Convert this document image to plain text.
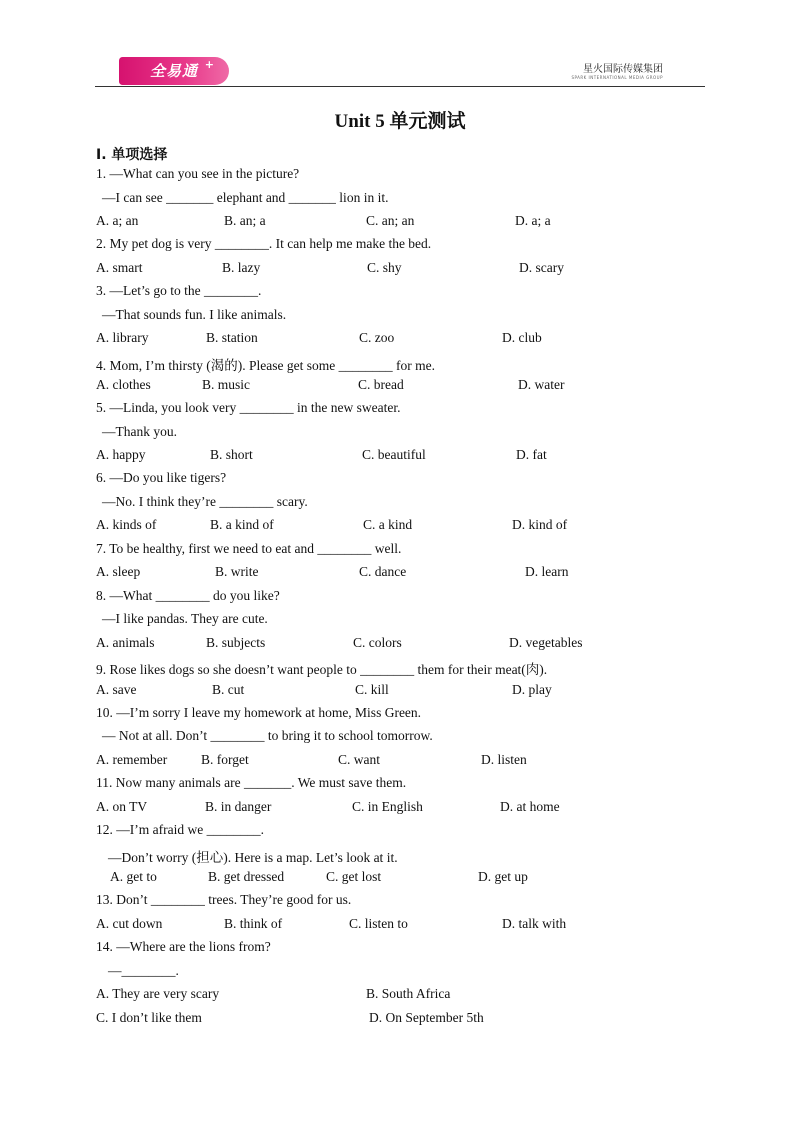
全易通 +	星火国际传媒集团
SPARK INTERNATIONAL MEDIA GROUP
Unit 5 单元测试
Ⅰ. 单项选择
1. —What can you see in the picture?
—I can see _______ elephant and _______ lion in it.
A. a; an	B. an; a	C. an; an	D. a; a
2. My pet dog is very ________. It can help me make the bed.
A. smart	B. lazy	C. shy	D. scary
3. —Let’s go to the ________.
—That sounds fun. I like animals.
A. library	B. station	C. zoo	D. club
4. Mom, I’m thirsty (渴的). Please get some ________ for me.
A. clothes	B. music	C. bread	D. water
5. —Linda, you look very ________ in the new sweater.
—Thank you.
A. happy	B. short	C. beautiful	D. fat
6. —Do you like tigers?
—No. I think they’re ________ scary.
A. kinds of	B. a kind of	C. a kind	D. kind of
7. To be healthy, first we need to eat and ________ well.
A. sleep	B. write	C. dance	D. learn
8. —What ________ do you like?
—I like pandas. They are cute.
A. animals	B. subjects	C. colors	D. vegetables
9. Rose likes dogs so she doesn’t want people to ________ them for their meat(肉).
A. save	B. cut	C. kill	D. play
10. —I’m sorry I leave my homework at home, Miss Green.
— Not at all. Don’t ________ to bring it to school tomorrow.
A. remember	B. forget	C. want	D. listen
11. Now many animals are _______. We must save them.
A. on TV	B. in danger	C. in English	D. at home
12. —I’m afraid we ________.
—Don’t worry (担心). Here is a map. Let’s look at it.
A. get to	B. get dressed	C. get lost	D. get up
13. Don’t ________ trees. They’re good for us.
A. cut down	B. think of	C. listen to	D. talk with
14. —Where are the lions from?
—________.
A. They are very scary	B. South Africa
C. I don’t like them	D. On September 5th
